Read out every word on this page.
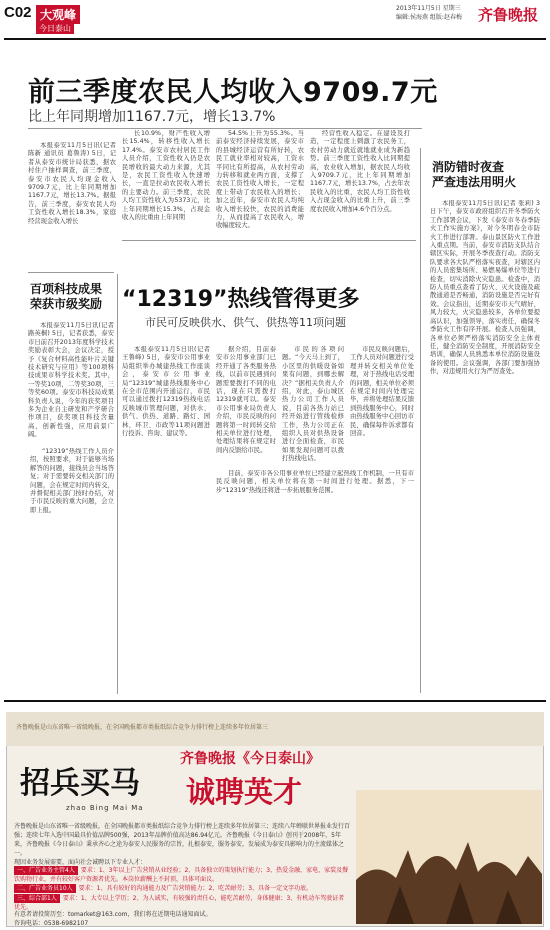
C02 大观峰
今日泰山
2013年11月5日 星期三
编辑:侯海燕 组版:赵春梅 齐鲁晚报
前三季度农民人均收入9709.7元
比上年同期增加1167.7元，增长13.7%

本报泰安11月5日讯(记者 陈新 通讯员 葛鲁涛) 5日，记者从泰安市统计局获悉，据农村住户抽样调查，前三季度，泰安市农民人均现金收入9709.7元，比上年同期增加1167.7元，增长13.7%。据报告，前三季度，泰安农民人均工资性收入增长18.3%，家庭经营现金收入增长

长10.9%，财产性收入增长15.4%，转移性收入增长17.4%。泰安市农村居民工作人员介绍，工资性收入仍是农民增收的最大动力来源，尤其是，农民工资性收入快速增长，一直是拉动农民收入增长的主要动力。前三季度，农民人均工资性收入为5373元，比上年同期增长15.3%，占现金收入的比重由上年同期

54.5%上升为55.3%。当前泰安经济持续发展，泰安市的县城经济运营有所好转，农民工就业率相对较高，工资水平同比有所提高，从农村劳动力转移和就业两方面，支撑了农民工资性收入增长，一定程度上带动了农民收入的增长；加之近年，泰安市农民人均纯收入增长较快，农民的消费能力，从而提高了农民收入，增收幅度较大。

经营性收入稳定。在建设及打造，一定程度上刺激了农民务工，农村劳动力就近就地就业成为新趋势。前三季度工资性收入比同期提高，农业收入增加，据农民人均收入9709.7元，比上年同期增加1167.7元，增长13.7%，占去年农民收入的比重，农民人均工资性收入占现金收入的比重上升，前三季度农民收入增加4.6个百分点。

消防错时夜查
严查违法用明火

本报泰安11月5日讯(记者 张莉) 3日下午，泰安市政府组织召开冬季防火工作部署会议，下发《泰安市冬春季防火工作实施方案》，对今冬明春全市防火工作进行部署。泰山景区防火工作进入重点期。当前，泰安市消防支队结合辖区实际，开展冬季夜查行动。消防支队要求各大队严格落实夜查，对辖区内的人员密集场所、易燃易爆单位等进行检查，切实消除火灾隐患。检查中，消防人员重点查看了防火、灭火设施及疏散通道是否畅通，消防设施是否完好有效。会议指出，近期泰安市天气晴好，风力较大，火灾隐患较多，各单位要提高认识，加强领导，落实责任，确保冬季防火工作有序开展。检查人员强调，各单位必须严格落实消防安全主体责任，健全消防安全制度，开展消防安全培训，确保人员熟悉本单位消防设施设备的使用。会议强调，各部门要加强协作，对违规用火行为严厉查处。

百项科技成果
荣获市级奖励

本报泰安11月5日讯(记者 路英桐) 5日，记者获悉，泰安市日前召开2013年度科学技术奖励表彰大会，会议决定，授予《复合材料高性能叶片关键技术研究与应用》等100项科技成果市科学技术奖。其中，一等奖10项，二等奖30项，三等奖60项。泰安市科技局成果科负责人说，今年的获奖项目多为企业自主研发和产学研合作项目，获奖项目科技含量高，创新性强，应用前景广阔。

“12319”热线管得更多
市民可反映供水、供气、供热等11项问题

本报泰安11月5日讯(记者 王鲁峰) 5日，泰安市公用事业局组织举办城建热线工作座谈会，泰安市公用事业局“12319”城建热线服务中心在全市范围内开通运行，市民可以通过拨打12319热线电话反映城市管理问题，对供水、供气、供热、道路、路灯、园林、环卫、市政等11项问题进行投诉、咨询、建议等。

据介绍，目前泰安市公用事业部门已经开通了各类服务热线，以前市民遇到问题需要拨打不同的电话，现在只需拨打12319就可以。泰安市公用事业局负责人介绍，市民反映的问题将第一时间转交给相关单位进行处理，处理结果将在规定时间内反馈给市民。

市民的各项问题。“今天马上到了，小区里的供暖设备如果有问题，到哪去解决？”据相关负责人介绍，对此，泰山城区热力公司工作人员说，目前各热力站已经开始进行管线检修工作，热力公司正在组织人员对供热设备进行全面检查，市民如果发现问题可以拨打热线电话。

市民反映问题后，工作人员对问题进行受理并转交相关单位处理，对于热线电话受理的问题，相关单位必须在规定时间内处理完毕，并将处理结果反馈到热线服务中心，同时由热线服务中心回访市民，确保每件诉求都有回音。

“12319”热线工作人员介绍，按照要求，对于能够当场解答的问题，接线员会当场答复；对于需要转交相关部门的问题，会在规定时间内转交，并督促相关部门按时办结，对于市民反映的重大问题，会立即上报。

目前，泰安市各公用事业单位已经建立起热线工作机制，一旦有市民反映问题，相关单位将在第一时间进行处理。据悉，下一步“12319”热线还将进一步拓展服务范围。

齐鲁晚报是山东省唯一省级晚报，在全国晚报都市类报纸综合竞争力排行榜上连续多年位居第三
招兵买马
zhao Bing Mai Ma
齐鲁晚报《今日泰山》
诚聘英才
齐鲁晚报是山东省唯一省级晚报，在全国晚报都市类报纸综合竞争力排行榜上连续多年位居第三；连续八年蝉联世界报业发行百强；连续七年入选中国最具价值品牌500强，2013年品牌价值高达86.94亿元。齐鲁晚报《今日泰山》创刊于2008年，5年来，齐鲁晚报《今日泰山》秉承齐心之途为泰安人民服务的宗旨，扎根泰安，服务泰安，发展成为泰安具影响力的主流媒体之一。
现因业务发展需要，面向社会诚聘以下专业人才：
一、广告业务主管4人 要求：1、3年以上广告营销从业经验；2、具备独立的策划执行能力；3、热爱金融、家电、家装及餐饮购物行业，并有较好客户资源者优先。本岗位薪酬上不封顶，具体可面议。
二、广告业务员10人 要求：1、具有较好的沟通能力及广告营销能力；2、吃苦耐劳；3、具备一定文字功底。
三、综合部1人 要求：1、大专以上学历；2、为人诚实，有较强的责任心，能吃苦耐劳，身体健康；3、有机动车驾驶证者优先。
有意者请投简历至：tomarket@163.com，我们将在近期电话通知面试。
咨询电话：0538-6982107
